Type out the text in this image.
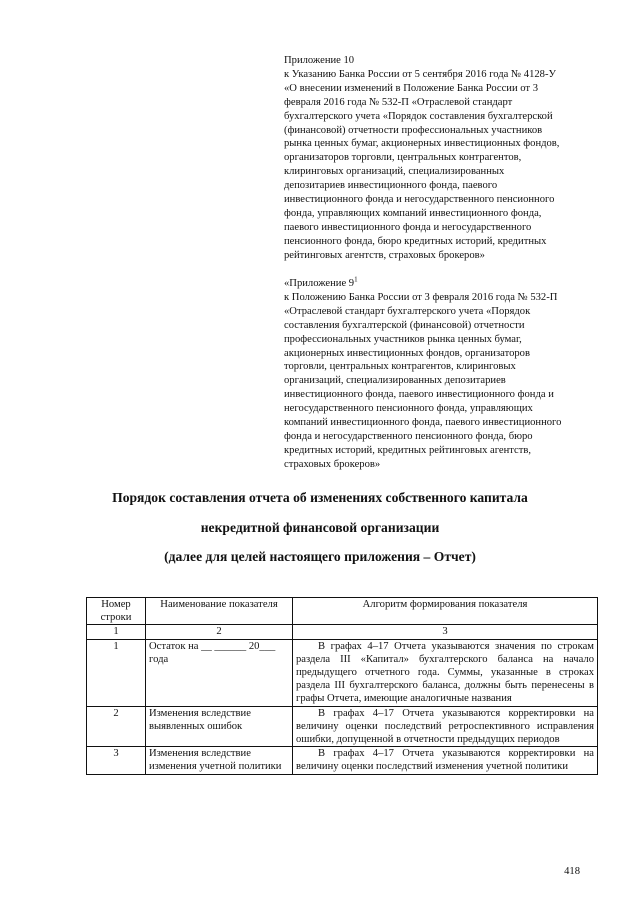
Приложение 10
к Указанию Банка России от 5 сентября 2016 года № 4128-У
«О внесении изменений в Положение Банка России от 3
февраля 2016 года № 532-П «Отраслевой стандарт
бухгалтерского учета «Порядок составления бухгалтерской
(финансовой) отчетности профессиональных участников
рынка ценных бумаг, акционерных инвестиционных фондов,
организаторов торговли, центральных контрагентов,
клиринговых организаций, специализированных
депозитариев инвестиционного фонда, паевого
инвестиционного фонда и негосударственного пенсионного
фонда, управляющих компаний инвестиционного фонда,
паевого инвестиционного фонда и негосударственного
пенсионного фонда, бюро кредитных историй, кредитных
рейтинговых агентств, страховых брокеров»
«Приложение $9^1$
к Положению Банка России от 3 февраля 2016 года № 532-П
«Отраслевой стандарт бухгалтерского учета «Порядок
составления бухгалтерской (финансовой) отчетности
профессиональных участников рынка ценных бумаг,
акционерных инвестиционных фондов, организаторов
торговли, центральных контрагентов, клиринговых
организаций, специализированных депозитариев
инвестиционного фонда, паевого инвестиционного фонда и
негосударственного пенсионного фонда, управляющих
компаний инвестиционного фонда, паевого инвестиционного
фонда и негосударственного пенсионного фонда, бюро
кредитных историй, кредитных рейтинговых агентств,
страховых брокеров»
Порядок составления отчета об изменениях собственного капитала
некредитной финансовой организации
(далее для целей настоящего приложения – Отчет)
Номер строки	Наименование показателя	Алгоритм формирования показателя
1	2	3
1	Остаток на __ ______ 20___ года	В графах 4–17 Отчета указываются значения по строкам раздела III «Капитал» бухгалтерского баланса на начало предыдущего отчетного года. Суммы, указанные в строках раздела III бухгалтерского баланса, должны быть перенесены в графы Отчета, имеющие аналогичные названия

2	Изменения вследствие выявленных ошибок	В графах 4–17 Отчета указываются корректировки на величину оценки последствий ретроспективного исправления ошибки, допущенной в отчетности предыдущих периодов

3	Изменения вследствие изменения учетной политики	В графах 4–17 Отчета указываются корректировки на величину оценки последствий изменения учетной политики
418
